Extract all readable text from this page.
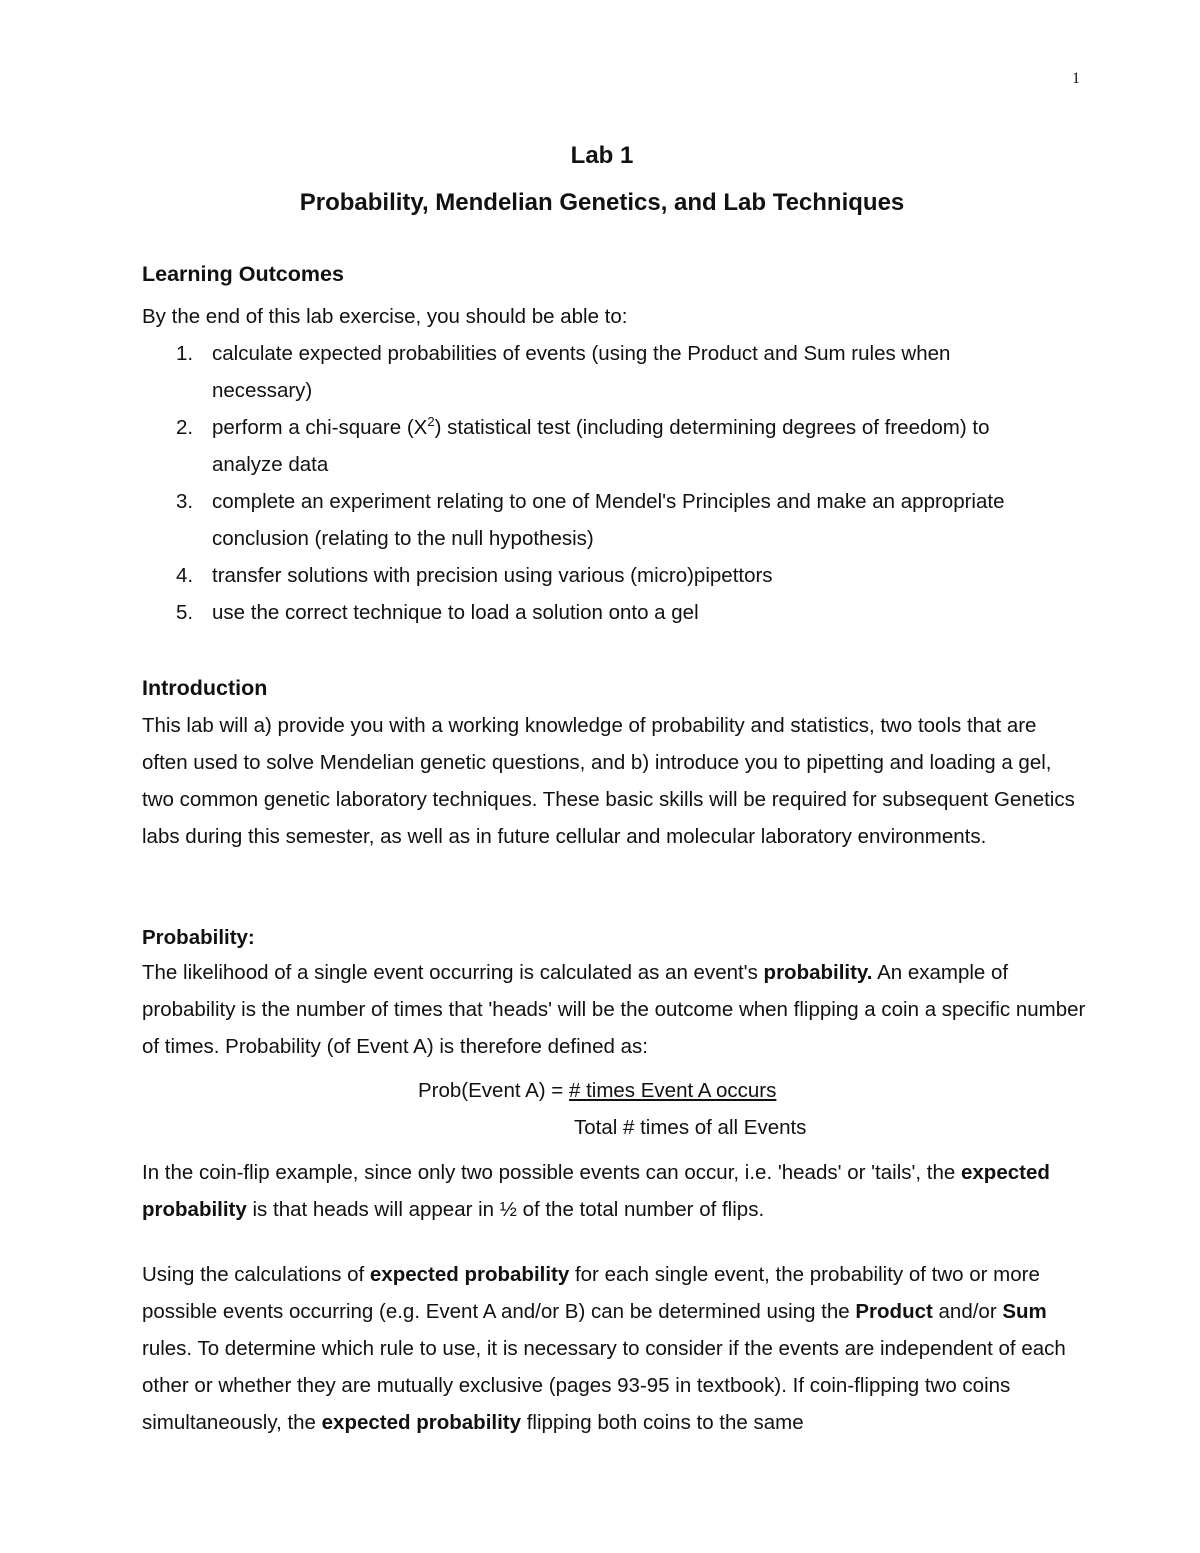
1
Lab 1
Probability, Mendelian Genetics, and Lab Techniques
Learning Outcomes

By the end of this lab exercise, you should be able to:

1. calculate expected probabilities of events (using the Product and Sum rules when necessary)
2. perform a chi-square $(X^2)$ statistical test (including determining degrees of freedom) to analyze data
3. complete an experiment relating to one of Mendel's Principles and make an appropriate conclusion (relating to the null hypothesis)
4. transfer solutions with precision using various (micro)pipettors
5. use the correct technique to load a solution onto a gel
Introduction

This lab will a) provide you with a working knowledge of probability and statistics, two tools that are often used to solve Mendelian genetic questions, and b) introduce you to pipetting and loading a gel, two common genetic laboratory techniques. These basic skills will be required for subsequent Genetics labs during this semester, as well as in future cellular and molecular laboratory environments.

Probability:

The likelihood of a single event occurring is calculated as an event's probability. An example of probability is the number of times that 'heads' will be the outcome when flipping a coin a specific number of times. Probability (of Event A) is therefore defined as:

Prob(Event A) = # times Event A occurs
Total # times of all Events

In the coin-flip example, since only two possible events can occur, i.e. 'heads' or 'tails', the expected probability is that heads will appear in ½ of the total number of flips.

Using the calculations of expected probability for each single event, the probability of two or more possible events occurring (e.g. Event A and/or B) can be determined using the Product and/or Sum rules. To determine which rule to use, it is necessary to consider if the events are independent of each other or whether they are mutually exclusive (pages 93-95 in textbook). If coin-flipping two coins simultaneously, the expected probability flipping both coins to the same
